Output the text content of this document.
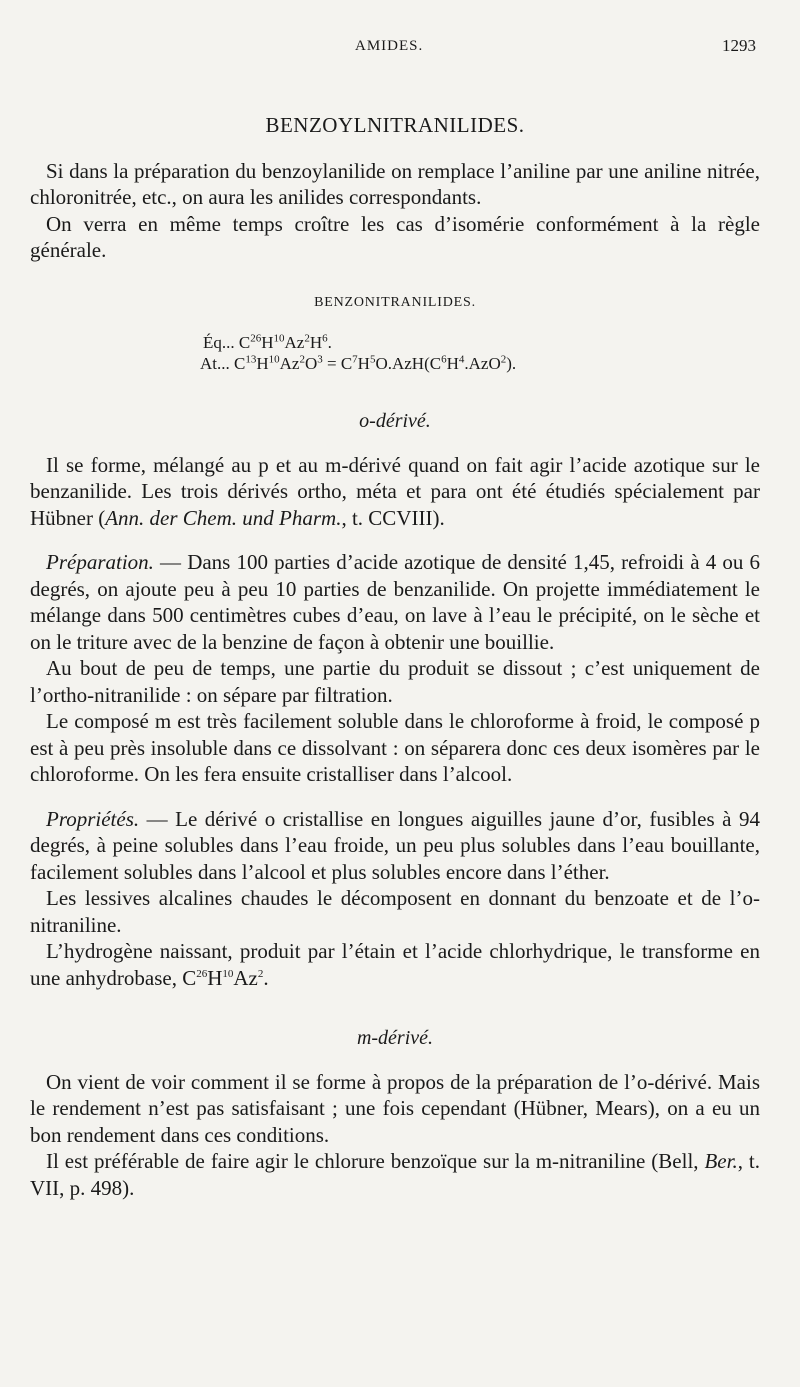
AMIDES.	1293
BENZOYLNITRANILIDES.

Si dans la préparation du benzoylanilide on remplace l’aniline par une aniline nitrée, chloronitrée, etc., on aura les anilides correspondants.

On verra en même temps croître les cas d’isomérie conformément à la règle générale.

BENZONITRANILIDES.
Éq... $C^{26}H^{10}Az^2H^6$.
At... $C^{13}H^{10}Az^2O^3 = C^7H^5O.AzH(C^6H^4.AzO^2)$.
o-dérivé.

Il se forme, mélangé au p et au m-dérivé quand on fait agir l’acide azotique sur le benzanilide. Les trois dérivés ortho, méta et para ont été étudiés spécialement par Hübner (Ann. der Chem. und Pharm., t. CCVIII).

Préparation. — Dans 100 parties d’acide azotique de densité 1,45, refroidi à 4 ou 6 degrés, on ajoute peu à peu 10 parties de benzanilide. On projette immédiatement le mélange dans 500 centimètres cubes d’eau, on lave à l’eau le précipité, on le sèche et on le triture avec de la benzine de façon à obtenir une bouillie.

Au bout de peu de temps, une partie du produit se dissout ; c’est uniquement de l’ortho-nitranilide : on sépare par filtration.

Le composé m est très facilement soluble dans le chloroforme à froid, le composé p est à peu près insoluble dans ce dissolvant : on séparera donc ces deux isomères par le chloroforme. On les fera ensuite cristalliser dans l’alcool.

Propriétés. — Le dérivé o cristallise en longues aiguilles jaune d’or, fusibles à 94 degrés, à peine solubles dans l’eau froide, un peu plus solubles dans l’eau bouillante, facilement solubles dans l’alcool et plus solubles encore dans l’éther.

Les lessives alcalines chaudes le décomposent en donnant du benzoate et de l’o-nitraniline.

L’hydrogène naissant, produit par l’étain et l’acide chlorhydrique, le transforme en une anhydrobase, $C^{26}H^{10}Az^2$.

m-dérivé.

On vient de voir comment il se forme à propos de la préparation de l’o-dérivé. Mais le rendement n’est pas satisfaisant ; une fois cependant (Hübner, Mears), on a eu un bon rendement dans ces conditions.

Il est préférable de faire agir le chlorure benzoïque sur la m-nitraniline (Bell, Ber., t. VII, p. 498).
